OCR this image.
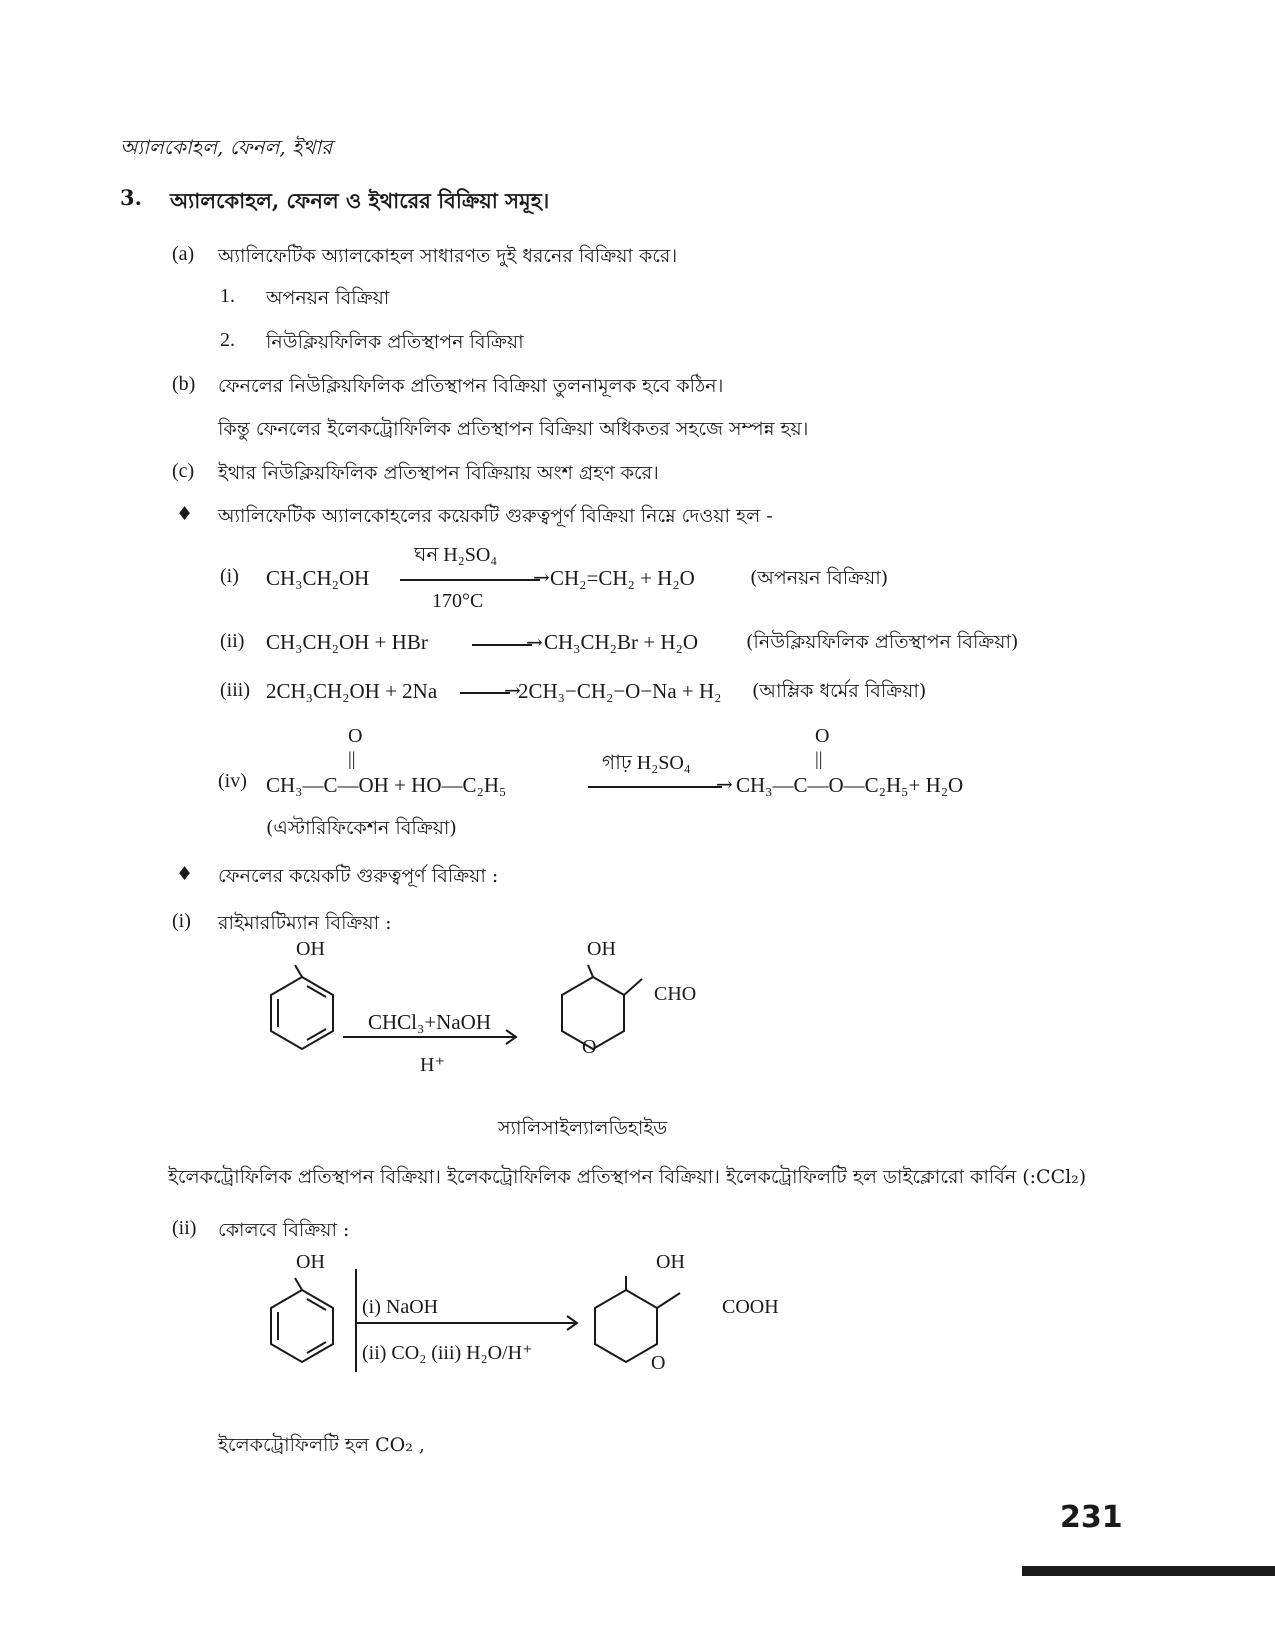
অ্যালকোহল, ফেনল, ইথার
3. অ্যালকোহল, ফেনল ও ইথারের বিক্রিয়া সমূহ।
(a) অ্যালিফেটিক অ্যালকোহল সাধারণত দুই ধরনের বিক্রিয়া করে।
1. অপনয়ন বিক্রিয়া
2. নিউক্লিয়ফিলিক প্রতিস্থাপন বিক্রিয়া
(b) ফেনলের নিউক্লিয়ফিলিক প্রতিস্থাপন বিক্রিয়া তুলনামূলক হবে কঠিন।
কিন্তু ফেনলের ইলেকট্রোফিলিক প্রতিস্থাপন বিক্রিয়া অধিকতর সহজে সম্পন্ন হয়।
(c) ইথার নিউক্লিয়ফিলিক প্রতিস্থাপন বিক্রিয়ায় অংশ গ্রহণ করে।
♦ অ্যালিফেটিক অ্যালকোহলের কয়েকটি গুরুত্বপূর্ণ বিক্রিয়া নিম্নে দেওয়া হল -
(i) CH₃CH₂OH
ঘন H₂SO₄
→
170°C
CH₂=CH₂ + H₂O	(অপনয়ন বিক্রিয়া)
(ii) CH₃CH₂OH + HBr	→ CH₃CH₂Br + H₂O	(নিউক্লিয়ফিলিক প্রতিস্থাপন বিক্রিয়া)
(iii) 2CH₃CH₂OH + 2Na	→
2CH₃−CH₂−O−Na + H₂ (আম্লিক ধর্মের বিক্রিয়া)
O
||
O
||
(iv) CH₃—C—OH + HO—C₂H₅
গাঢ় H₂SO₄
→ CH₃—C—O—C₂H₅+ H₂O
(এস্টারিফিকেশন বিক্রিয়া)
♦ ফেনলের কয়েকটি গুরুত্বপূর্ণ বিক্রিয়া :
(i) রাইমারটিম্যান বিক্রিয়া :
OH
CHCl₃+NaOH
H⁺
OH
CHO
O
স্যালিসাইল্যালডিহাইড
ইলেকট্রোফিলিক প্রতিস্থাপন বিক্রিয়া। ইলেকট্রোফিলিক প্রতিস্থাপন বিক্রিয়া। ইলেকট্রোফিলটি হল ডাইক্লোরো কার্বিন (:CCl₂)
(ii) কোলবে বিক্রিয়া :
OH
(i) NaOH
(ii) CO₂ (iii) H₂O/H⁺
OH
COOH
O
ইলেকট্রোফিলটি হল CO₂ ,
231
